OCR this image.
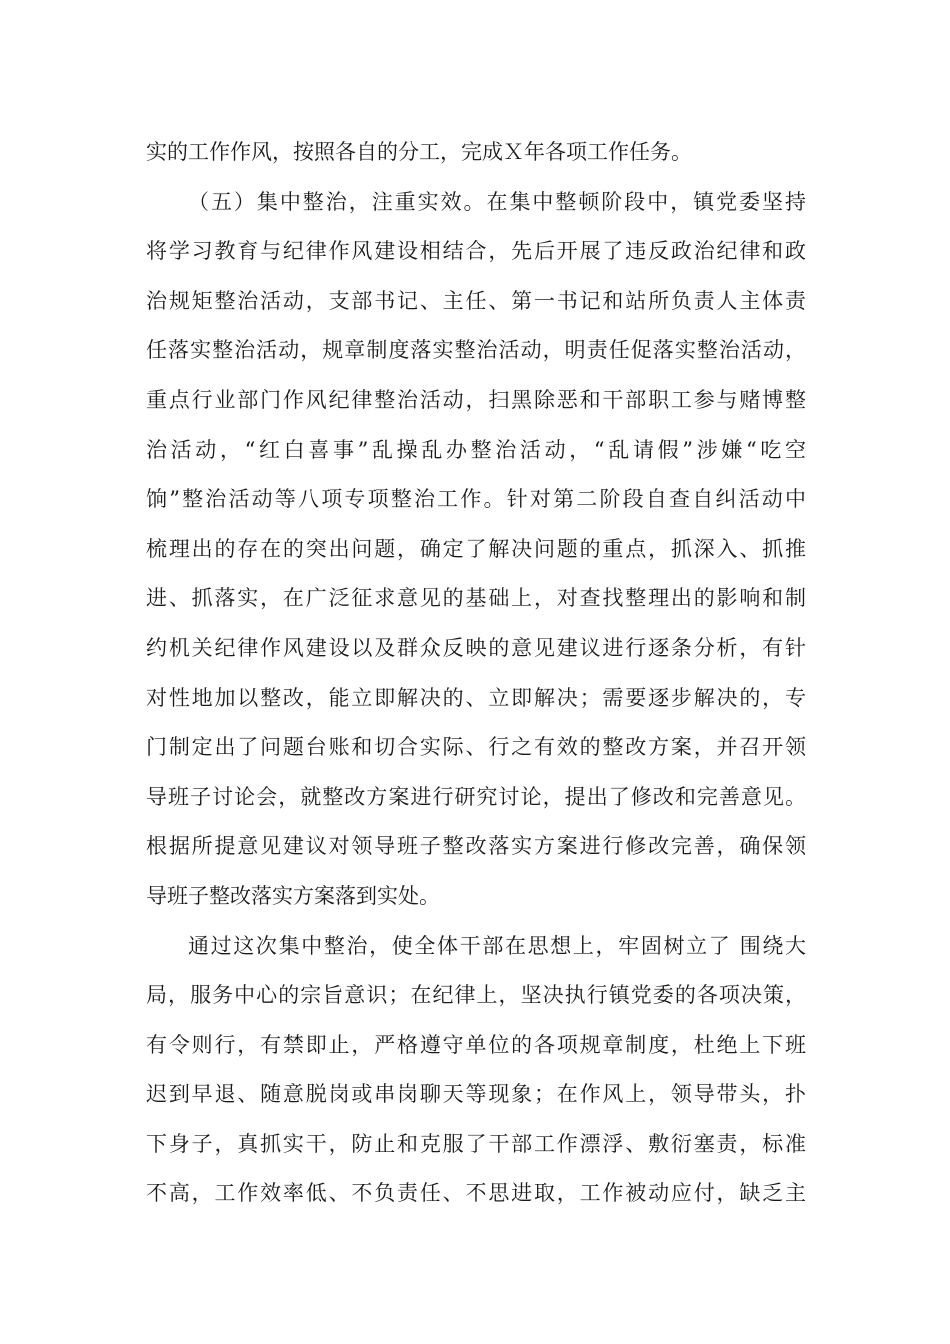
实的工作作风，按照各自的分工，完成Ｘ年各项工作任务。
（五）集中整治，注重实效。在集中整顿阶段中，镇党委坚持
将学习教育与纪律作风建设相结合，先后开展了违反政治纪律和政
治规矩整治活动，支部书记、主任、第一书记和站所负责人主体责
任落实整治活动，规章制度落实整治活动，明责任促落实整治活动，
重点行业部门作风纪律整治活动，扫黑除恶和干部职工参与赌博整
治活动，“红白喜事”乱操乱办整治活动，“乱请假”涉嫌“吃空
饷”整治活动等八项专项整治工作。针对第二阶段自查自纠活动中
梳理出的存在的突出问题，确定了解决问题的重点，抓深入、抓推
进、抓落实，在广泛征求意见的基础上，对查找整理出的影响和制
约机关纪律作风建设以及群众反映的意见建议进行逐条分析，有针
对性地加以整改，能立即解决的、立即解决；需要逐步解决的，专
门制定出了问题台账和切合实际、行之有效的整改方案，并召开领
导班子讨论会，就整改方案进行研究讨论，提出了修改和完善意见。
根据所提意见建议对领导班子整改落实方案进行修改完善，确保领
导班子整改落实方案落到实处。
通过这次集中整治，使全体干部在思想上，牢固树立了 围绕大
局，服务中心的宗旨意识；在纪律上，坚决执行镇党委的各项决策，
有令则行，有禁即止，严格遵守单位的各项规章制度，杜绝上下班
迟到早退、随意脱岗或串岗聊天等现象；在作风上，领导带头，扑
下身子，真抓实干，防止和克服了干部工作漂浮、敷衍塞责，标准
不高，工作效率低、不负责任、不思进取，工作被动应付，缺乏主
